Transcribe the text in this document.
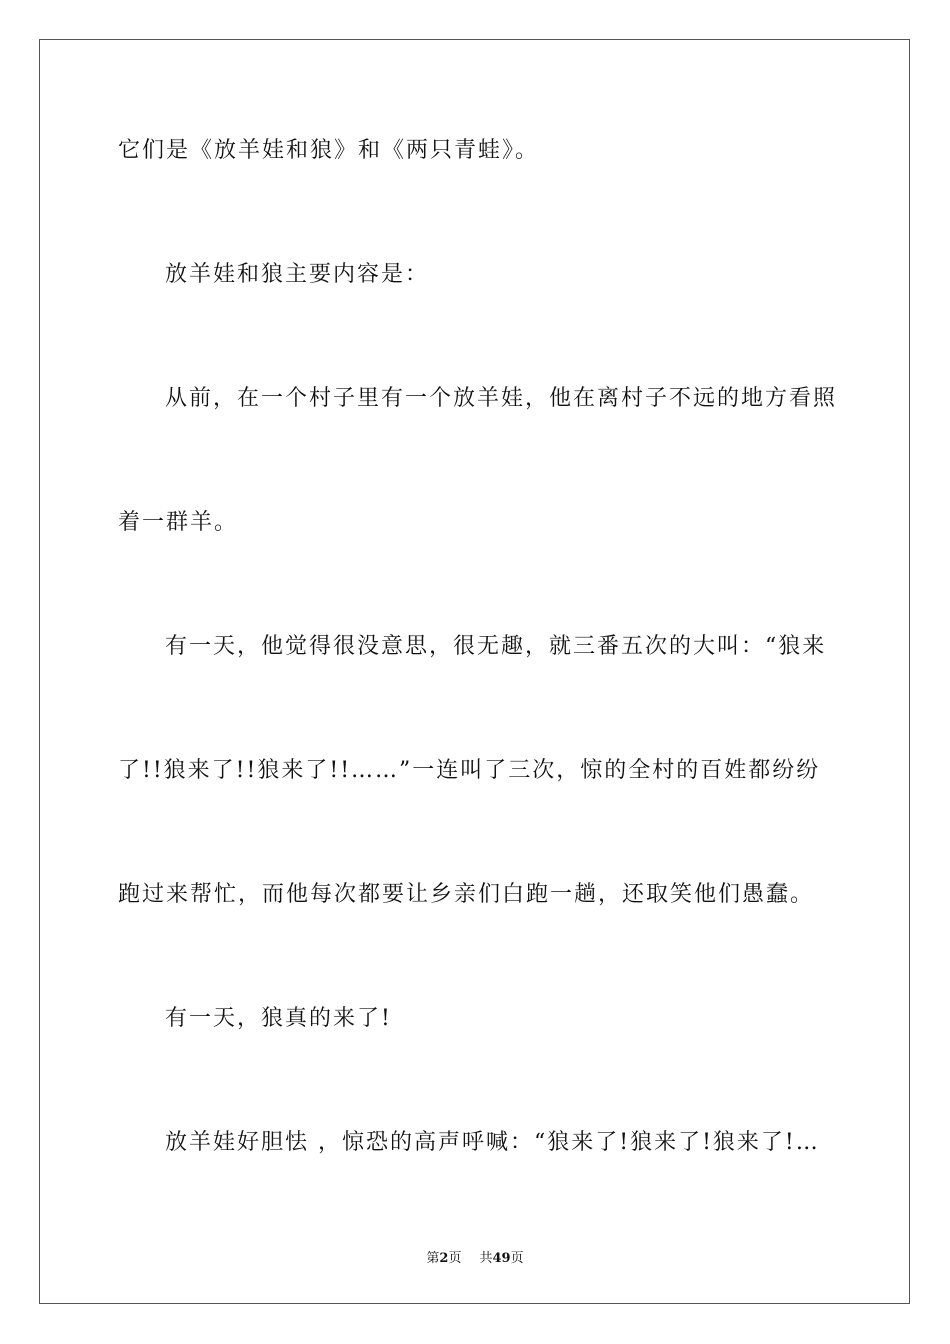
它们是《放羊娃和狼》和《两只青蛙》。
放羊娃和狼主要内容是：
从前，在一个村子里有一个放羊娃，他在离村子不远的地方看照
着一群羊。
有一天，他觉得很没意思，很无趣，就三番五次的大叫：“狼来
了!!狼来了!!狼来了!!……”一连叫了三次，惊的全村的百姓都纷纷
跑过来帮忙，而他每次都要让乡亲们白跑一趟，还取笑他们愚蠢。
有一天，狼真的来了!
放羊娃好胆怯 ，惊恐的高声呼喊：“狼来了!狼来了!狼来了!…
第2页 共49页
